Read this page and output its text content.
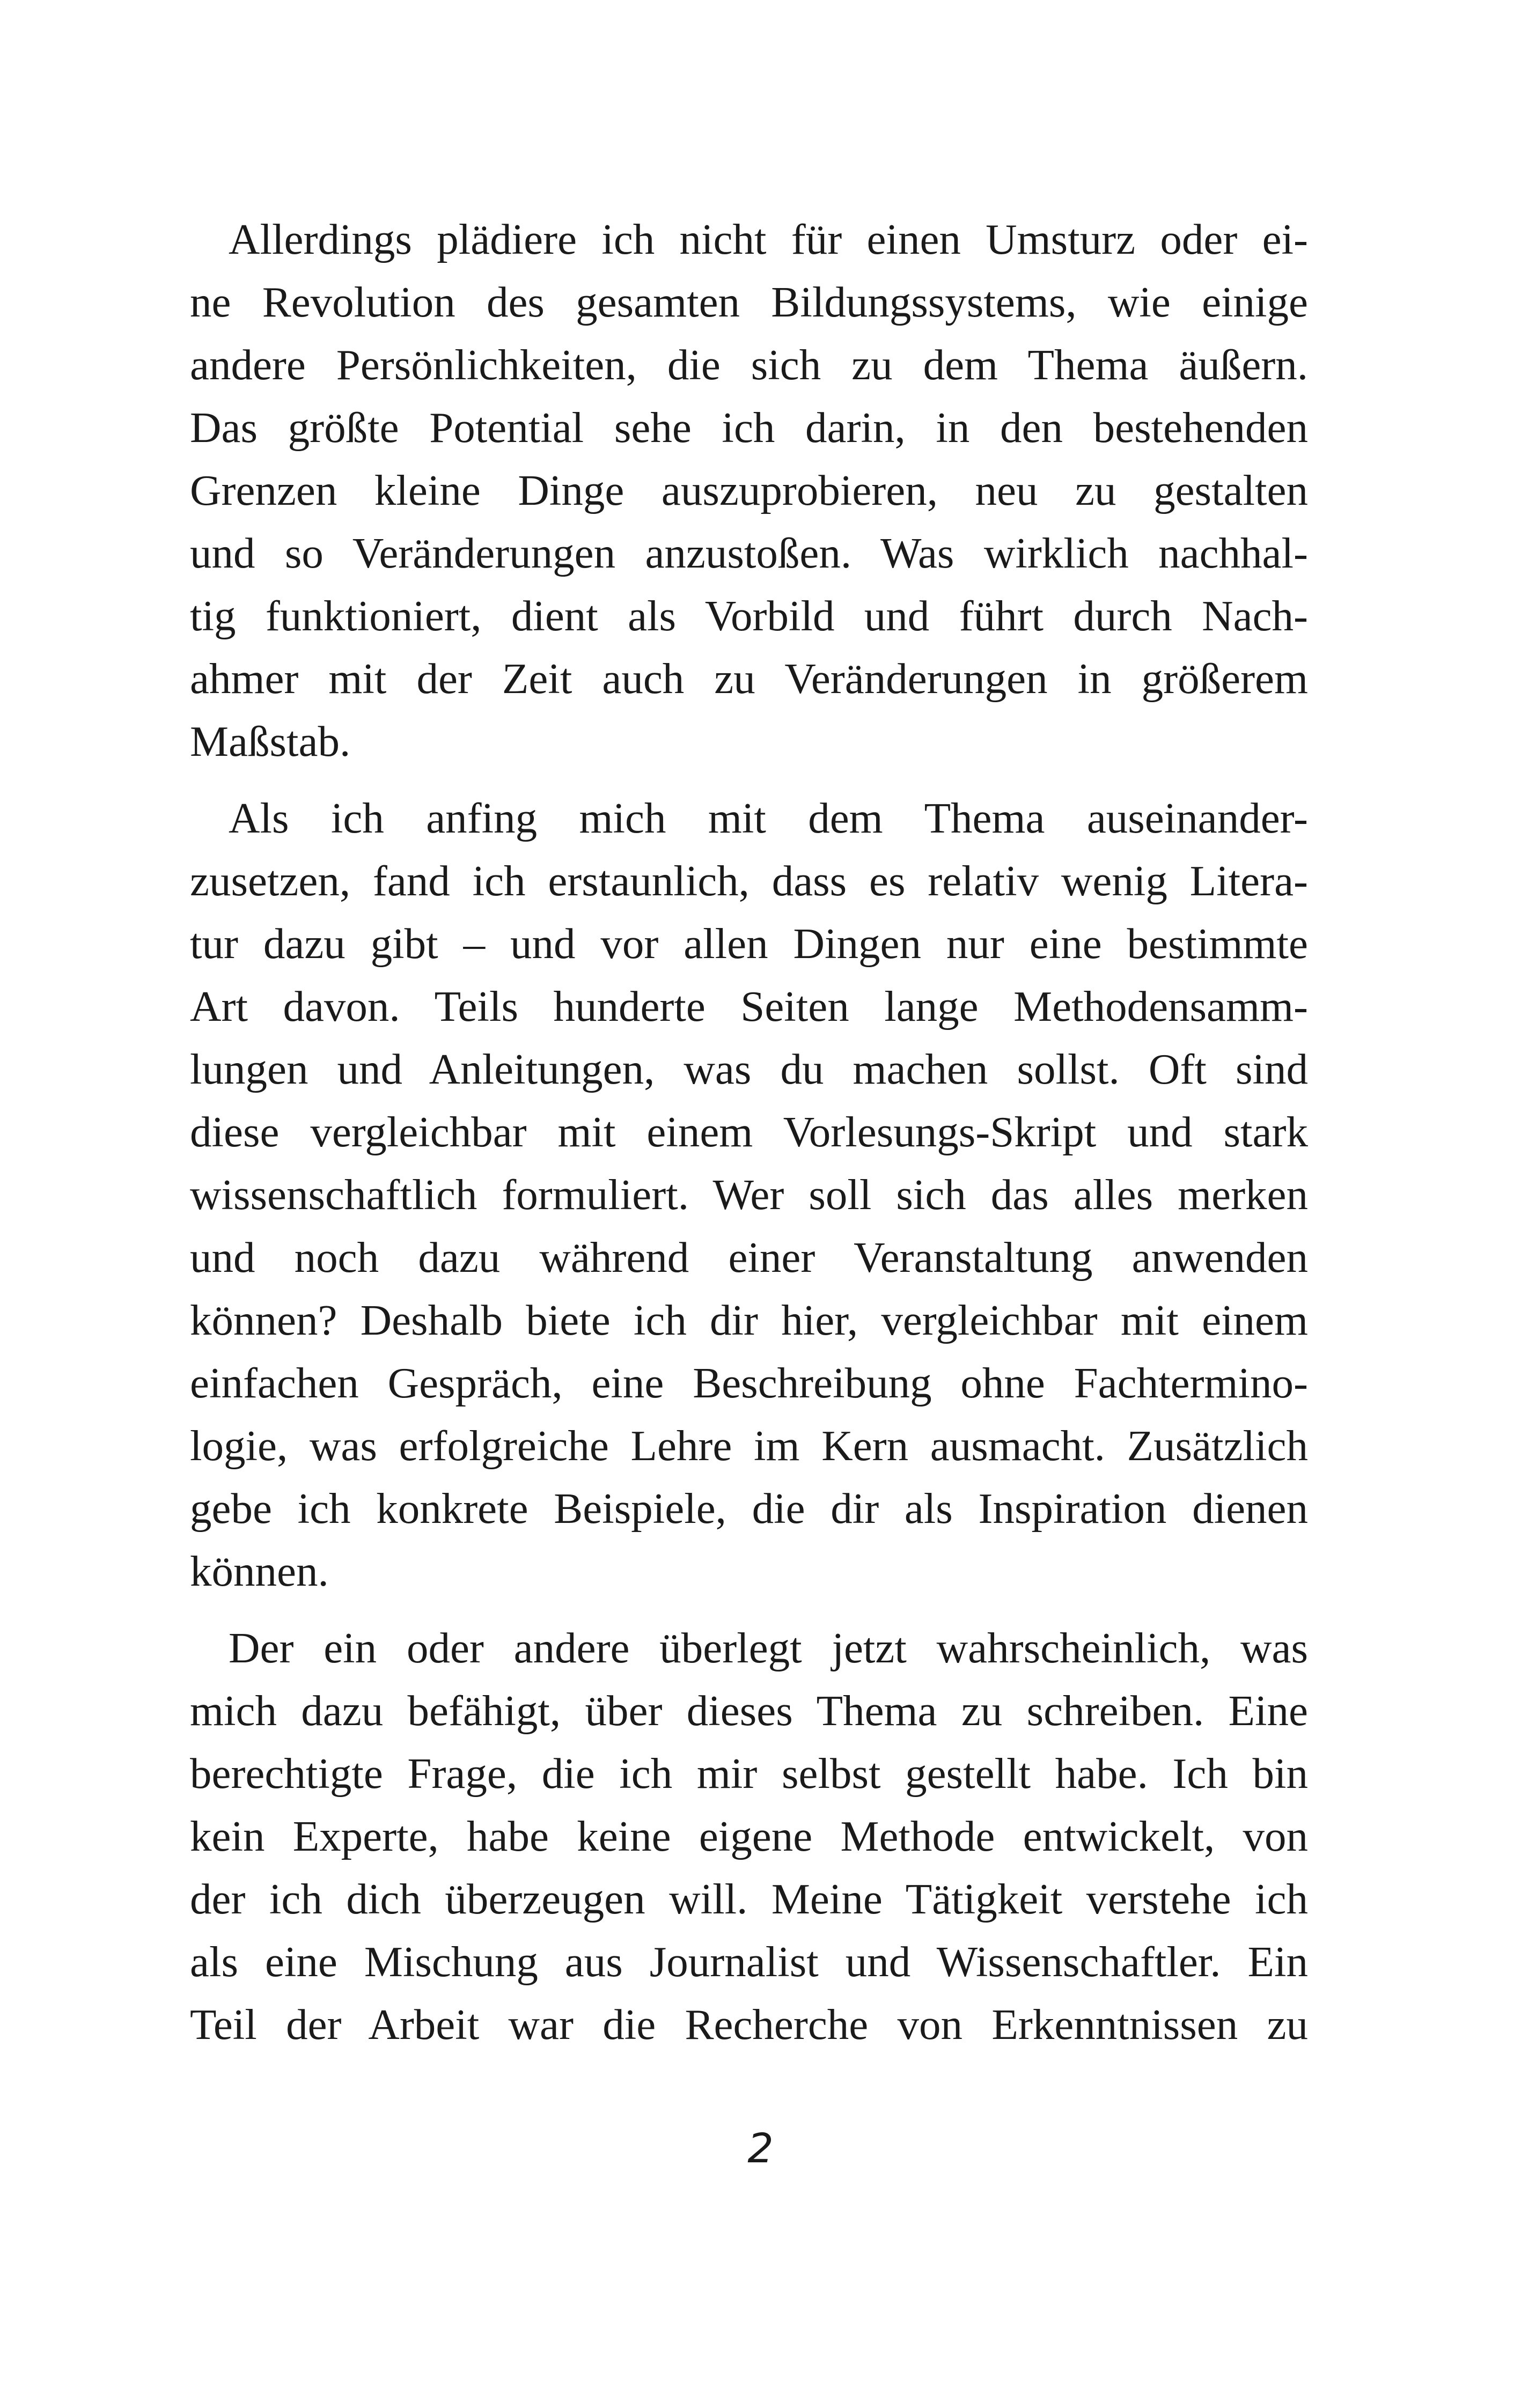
Allerdings plädiere ich nicht für einen Umsturz oder ei-
ne Revolution des gesamten Bildungssystems, wie einige
andere Persönlichkeiten, die sich zu dem Thema äußern.
Das größte Potential sehe ich darin, in den bestehenden
Grenzen kleine Dinge auszuprobieren, neu zu gestalten
und so Veränderungen anzustoßen. Was wirklich nachhal-
tig funktioniert, dient als Vorbild und führt durch Nach-
ahmer mit der Zeit auch zu Veränderungen in größerem
Maßstab.
Als ich anfing mich mit dem Thema auseinander-
zusetzen, fand ich erstaunlich, dass es relativ wenig Litera-
tur dazu gibt – und vor allen Dingen nur eine bestimmte
Art davon. Teils hunderte Seiten lange Methodensamm-
lungen und Anleitungen, was du machen sollst. Oft sind
diese vergleichbar mit einem Vorlesungs-Skript und stark
wissenschaftlich formuliert. Wer soll sich das alles merken
und noch dazu während einer Veranstaltung anwenden
können? Deshalb biete ich dir hier, vergleichbar mit einem
einfachen Gespräch, eine Beschreibung ohne Fachtermino-
logie, was erfolgreiche Lehre im Kern ausmacht. Zusätzlich
gebe ich konkrete Beispiele, die dir als Inspiration dienen
können.
Der ein oder andere überlegt jetzt wahrscheinlich, was
mich dazu befähigt, über dieses Thema zu schreiben. Eine
berechtigte Frage, die ich mir selbst gestellt habe. Ich bin
kein Experte, habe keine eigene Methode entwickelt, von
der ich dich überzeugen will. Meine Tätigkeit verstehe ich
als eine Mischung aus Journalist und Wissenschaftler. Ein
Teil der Arbeit war die Recherche von Erkenntnissen zu
2
